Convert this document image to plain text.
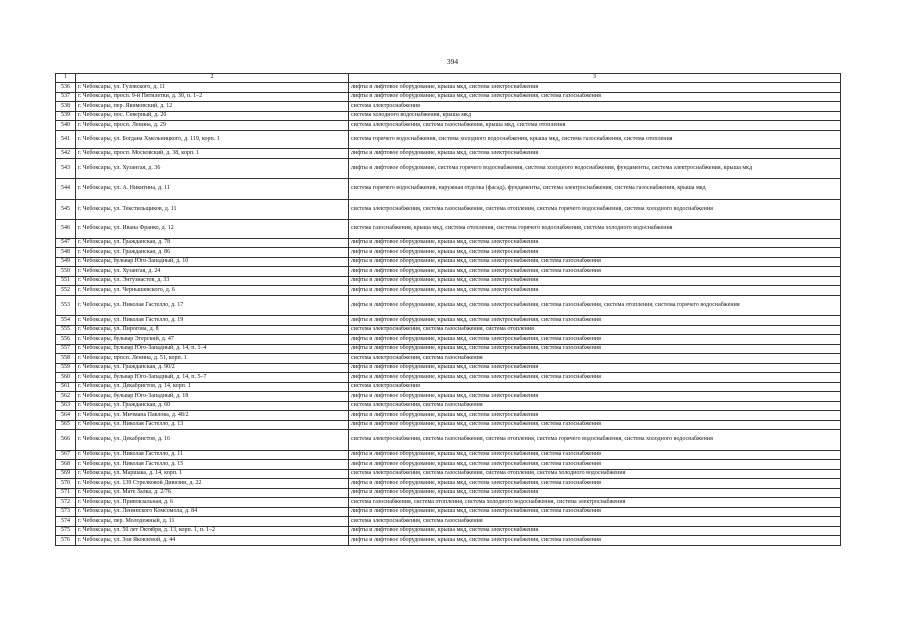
394
1	2	3
536	г. Чебоксары, ул. Гузовского, д. 11	лифты и лифтовое оборудование, крыша мкд, система электроснабжения
537	г. Чебоксары, просп. 9-й Пятилетки, д. 30, п. 1–2	лифты и лифтовое оборудование, крыша мкд, система электроснабжения, система газоснабжения
538	г. Чебоксары, пер. Якимовский, д. 12	система электроснабжения
539	г. Чебоксары, пос. Северный, д. 20	система холодного водоснабжения, крыша мкд
540	г. Чебоксары, просп. Ленина, д. 29	система электроснабжения, система газоснабжения, крыша мкд, система отопления
541	г. Чебоксары, ул. Богдана Хмельницкого, д. 119, корп. 1	система горячего водоснабжения, система холодного водоснабжения, крыша мкд, система газоснабжения, система отопления
542	г. Чебоксары, просп. Московский, д. 38, корп. 1	лифты и лифтовое оборудование, крыша мкд, система электроснабжения
543	г. Чебоксары, ул. Хузангая, д. 36	лифты и лифтовое оборудование, система горячего водоснабжения, система холодного водоснабжения, фундаменты, система электроснабжения, крыша мкд
544	г. Чебоксары, ул. А. Никитина, д. 11	система горячего водоснабжения, наружная отделка (фасад), фундаменты, система электроснабжения, система газоснабжения, крыша мкд
545	г. Чебоксары, ул. Текстильщиков, д. 11	система электроснабжения, система газоснабжения, система отопления, система горячего водоснабжения, система холодного водоснабжения
546	г. Чебоксары, ул. Ивана Франко, д. 12	система газоснабжения, крыша мкд, система отопления, система горячего водоснабжения, система холодного водоснабжения
547	г. Чебоксары, ул. Гражданская, д. 78	лифты и лифтовое оборудование, крыша мкд, система электроснабжения
548	г. Чебоксары, ул. Гражданская, д. 86	лифты и лифтовое оборудование, крыша мкд, система электроснабжения
549	г. Чебоксары, бульвар Юго-Западный, д. 10	лифты и лифтовое оборудование, крыша мкд, система электроснабжения, система газоснабжения
550	г. Чебоксары, ул. Хузангая, д. 24	лифты и лифтовое оборудование, крыша мкд, система электроснабжения, система газоснабжения
551	г. Чебоксары, ул. Энтузиастов, д. 33	лифты и лифтовое оборудование, крыша мкд, система электроснабжения
552	г. Чебоксары, ул. Чернышевского, д. 6	лифты и лифтовое оборудование, крыша мкд, система электроснабжения
553	г. Чебоксары, ул. Николая Гастелло, д. 17	лифты и лифтовое оборудование, крыша мкд, система электроснабжения, система газоснабжения, система отопления, система горячего водоснабжения
554	г. Чебоксары, ул. Николая Гастелло, д. 19	лифты и лифтовое оборудование, крыша мкд, система электроснабжения, система газоснабжения
555	г. Чебоксары, ул. Пирогова, д. 8	система электроснабжения, система газоснабжения, система отопления
556	г. Чебоксары, бульвар Эгерский, д. 47	лифты и лифтовое оборудование, крыша мкд, система электроснабжения, система газоснабжения
557	г. Чебоксары, бульвар Юго-Западный, д. 14, п. 1–4	лифты и лифтовое оборудование, крыша мкд, система электроснабжения, система газоснабжения
558	г. Чебоксары, просп. Ленина, д. 51, корп. 1	система электроснабжения, система газоснабжения
559	г. Чебоксары, ул. Гражданская, д. 90/2	лифты и лифтовое оборудование, крыша мкд, система электроснабжения
560	г. Чебоксары, бульвар Юго-Западный, д. 14, п. 5–7	лифты и лифтовое оборудование, крыша мкд, система электроснабжения, система газоснабжения
561	г. Чебоксары, ул. Декабристов, д. 14, корп. 1	система электроснабжения
562	г. Чебоксары, бульвар Юго-Западный, д. 18	лифты и лифтовое оборудование, крыша мкд, система электроснабжения
563	г. Чебоксары, ул. Гражданская, д. 60	система электроснабжения, система газоснабжения
564	г. Чебоксары, ул. Мичмана Павлова, д. 48/2	лифты и лифтовое оборудование, крыша мкд, система электроснабжения
565	г. Чебоксары, ул. Николая Гастелло, д. 13	лифты и лифтовое оборудование, крыша мкд, система электроснабжения, система газоснабжения
566	г. Чебоксары, ул. Декабристов, д. 16	система электроснабжения, система газоснабжения, система отопления, система горячего водоснабжения, система холодного водоснабжения
567	г. Чебоксары, ул. Николая Гастелло, д. 11	лифты и лифтовое оборудование, крыша мкд, система электроснабжения, система газоснабжения
568	г. Чебоксары, ул. Николая Гастелло, д. 15	лифты и лифтовое оборудование, крыша мкд, система электроснабжения, система газоснабжения
569	г. Чебоксары, ул. Маршака, д. 14, корп. 1	система электроснабжения, система газоснабжения, система отопления, система холодного водоснабжения
570	г. Чебоксары, ул. 139 Стрелковой Дивизии, д. 22	лифты и лифтовое оборудование, крыша мкд, система электроснабжения, система газоснабжения
571	г. Чебоксары, ул. Мате Залка, д. 2/76	лифты и лифтовое оборудование, крыша мкд, система электроснабжения
572	г. Чебоксары, ул. Привокзальная, д. 6	система газоснабжения, система отопления, система холодного водоснабжения, система электроснабжения
573	г. Чебоксары, ул. Ленинского Комсомола, д. 84	лифты и лифтовое оборудование, крыша мкд, система электроснабжения, система газоснабжения
574	г. Чебоксары, пер. Молодежный, д. 11	система электроснабжения, система газоснабжения
575	г. Чебоксары, ул. 50 лет Октября, д. 13, корп. 1, п. 1–2	лифты и лифтовое оборудование, крыша мкд, система электроснабжения
576	г. Чебоксары, ул. Зои Яковлевой, д. 44	лифты и лифтовое оборудование, крыша мкд, система электроснабжения, система газоснабжения
